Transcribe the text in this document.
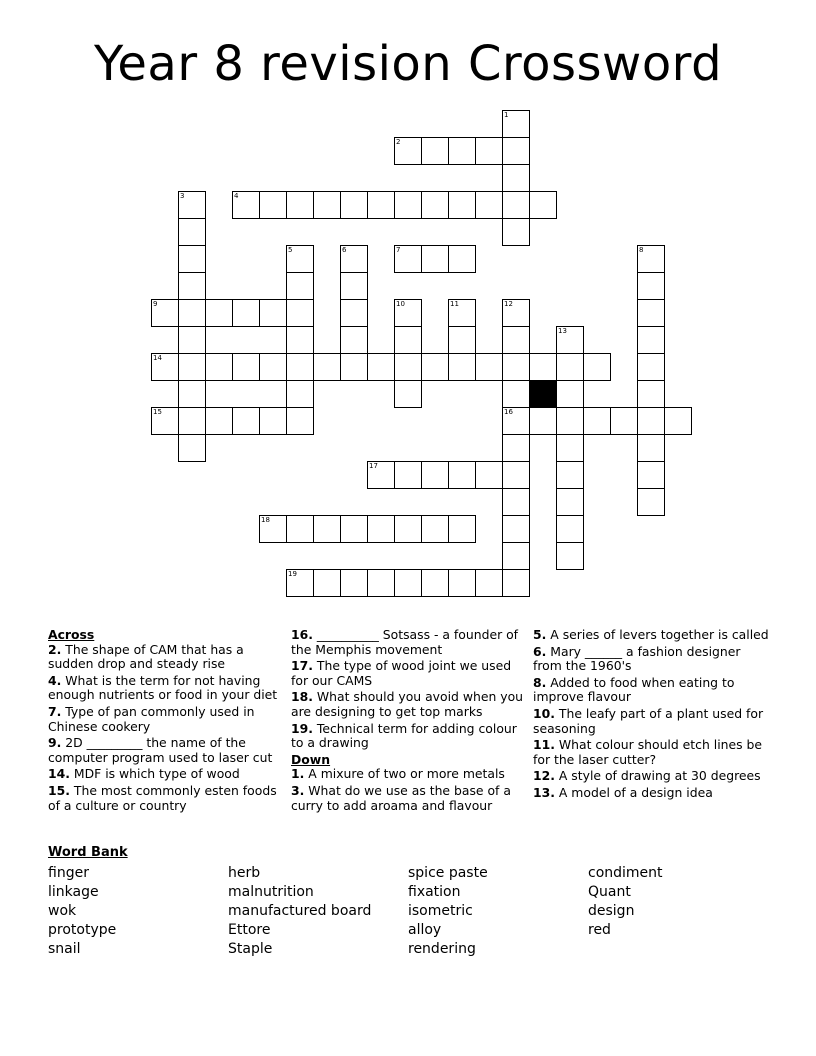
Year 8 revision Crossword
2
4
7
9
14
15	16
17
18
19
1
3
5	6	8
10	11	12
13
Across
2. The shape of CAM that has a sudden drop and steady rise
4. What is the term for not having enough nutrients or food in your diet
7. Type of pan commonly used in Chinese cookery
9. 2D _________ the name of the computer program used to laser cut
14. MDF is which type of wood
15. The most commonly esten foods of a culture or country
16. __________ Sotsass - a founder of the Memphis movement
17. The type of wood joint we used for our CAMS
18. What should you avoid when you are designing to get top marks
19. Technical term for adding colour to a drawing
Down
1. A mixure of two or more metals
3. What do we use as the base of a curry to add aroama and flavour
5. A series of levers together is called
6. Mary ______ a fashion designer from the 1960's
8. Added to food when eating to improve flavour
10. The leafy part of a plant used for seasoning
11. What colour should etch lines be for the laser cutter?
12. A style of drawing at 30 degrees
13. A model of a design idea
Word Bank
finger
linkage
wok
prototype
snail
herb
malnutrition
manufactured board
Ettore
Staple
spice paste
fixation
isometric
alloy
rendering
condiment
Quant
design
red
